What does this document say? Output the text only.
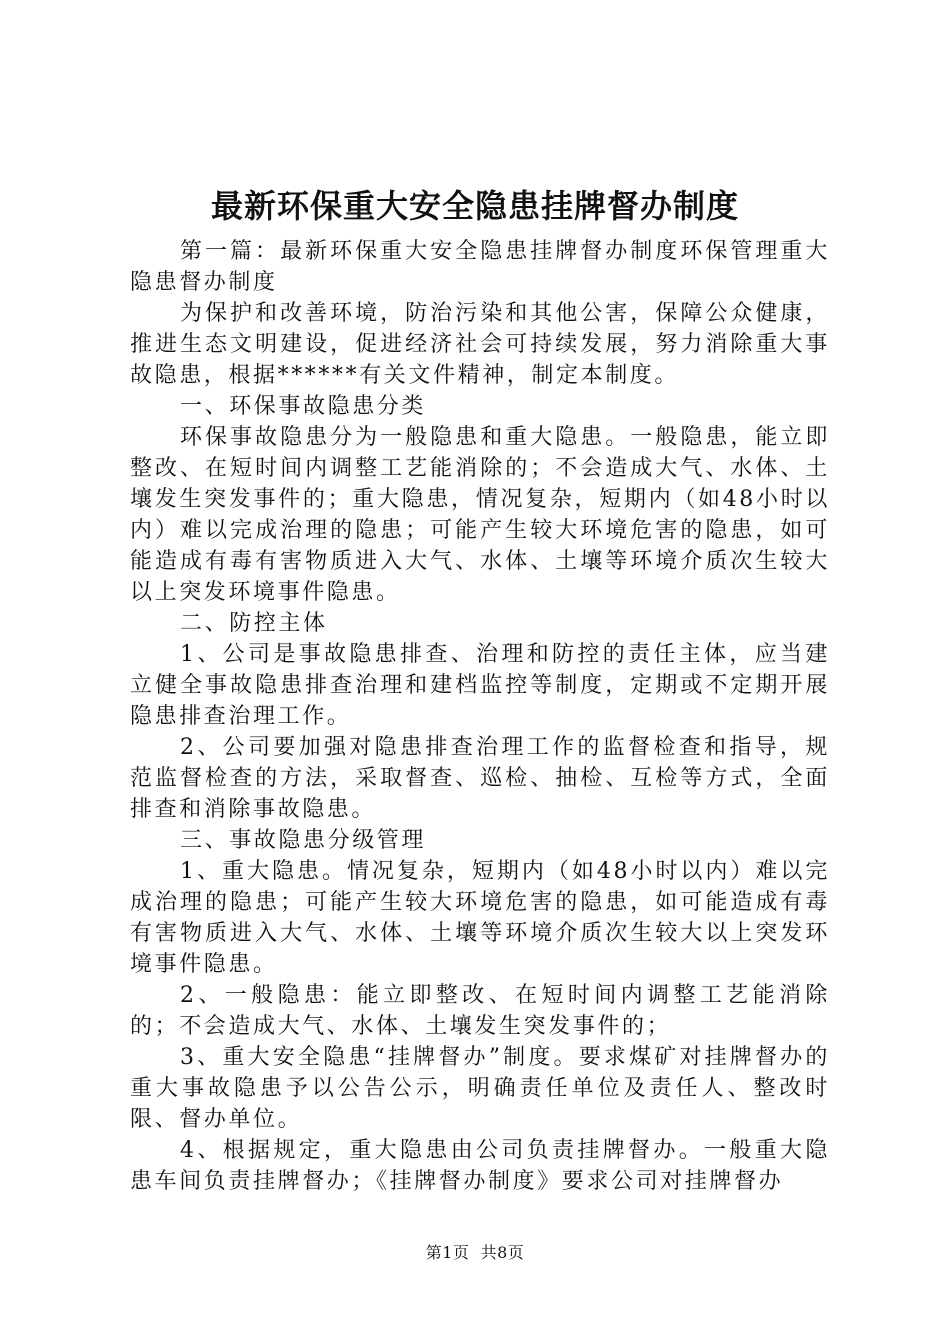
最新环保重大安全隐患挂牌督办制度

第一篇：最新环保重大安全隐患挂牌督办制度环保管理重大隐患督办制度

为保护和改善环境，防治污染和其他公害，保障公众健康，推进生态文明建设，促进经济社会可持续发展，努力消除重大事故隐患，根据******有关文件精神，制定本制度。

一、环保事故隐患分类

环保事故隐患分为一般隐患和重大隐患。一般隐患，能立即整改、在短时间内调整工艺能消除的；不会造成大气、水体、土壤发生突发事件的；重大隐患，情况复杂，短期内（如48小时以内）难以完成治理的隐患；可能产生较大环境危害的隐患，如可能造成有毒有害物质进入大气、水体、土壤等环境介质次生较大以上突发环境事件隐患。

二、防控主体

1、公司是事故隐患排查、治理和防控的责任主体，应当建立健全事故隐患排查治理和建档监控等制度，定期或不定期开展隐患排查治理工作。

2、公司要加强对隐患排查治理工作的监督检查和指导，规范监督检查的方法，采取督查、巡检、抽检、互检等方式，全面排查和消除事故隐患。

三、事故隐患分级管理

1、重大隐患。情况复杂，短期内（如48小时以内）难以完成治理的隐患；可能产生较大环境危害的隐患，如可能造成有毒有害物质进入大气、水体、土壤等环境介质次生较大以上突发环境事件隐患。

2、一般隐患：能立即整改、在短时间内调整工艺能消除的；不会造成大气、水体、土壤发生突发事件的；

3、重大安全隐患“挂牌督办”制度。要求煤矿对挂牌督办的重大事故隐患予以公告公示，明确责任单位及责任人、整改时限、督办单位。

4、根据规定，重大隐患由公司负责挂牌督办。一般重大隐患车间负责挂牌督办；《挂牌督办制度》要求公司对挂牌督办

第1页 共8页
